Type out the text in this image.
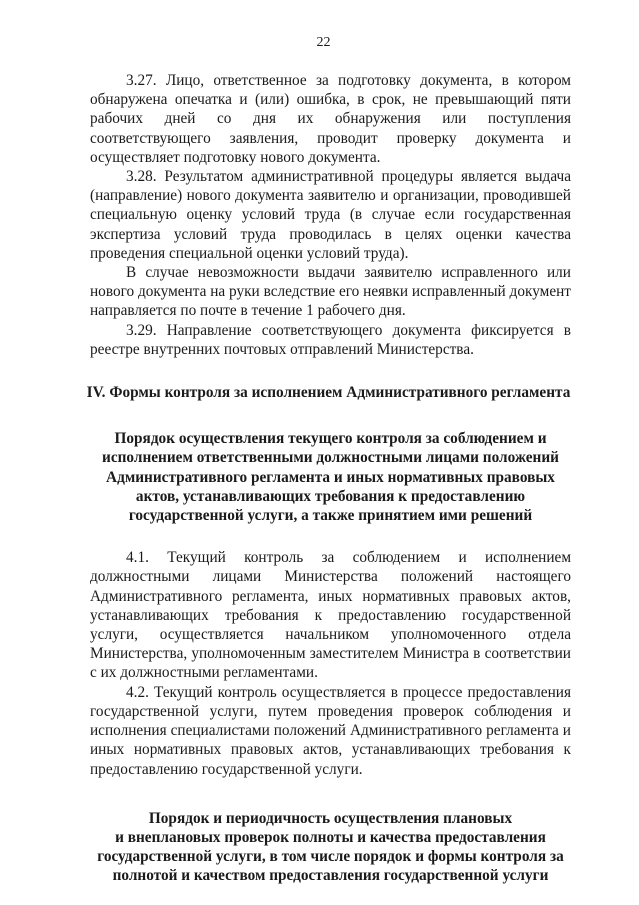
22

3.27. Лицо, ответственное за подготовку документа, в котором обнаружена опечатка и (или) ошибка, в срок, не превышающий пяти рабочих дней со дня их обнаружения или поступления соответствующего заявления, проводит проверку документа и осуществляет подготовку нового документа.

3.28. Результатом административной процедуры является выдача (направление) нового документа заявителю и организации, проводившей специальную оценку условий труда (в случае если государственная экспертиза условий труда проводилась в целях оценки качества проведения специальной оценки условий труда).

В случае невозможности выдачи заявителю исправленного или нового документа на руки вследствие его неявки исправленный документ направляется по почте в течение 1 рабочего дня.

3.29. Направление соответствующего документа фиксируется в реестре внутренних почтовых отправлений Министерства.

IV. Формы контроля за исполнением Административного регламента
Порядок осуществления текущего контроля за соблюдением и
исполнением ответственными должностными лицами положений
Административного регламента и иных нормативных правовых
актов, устанавливающих требования к предоставлению
государственной услуги, а также принятием ими решений

4.1. Текущий контроль за соблюдением и исполнением должностными лицами Министерства положений настоящего Административного регламента, иных нормативных правовых актов, устанавливающих требования к предоставлению государственной услуги, осуществляется начальником уполномоченного отдела Министерства, уполномоченным заместителем Министра в соответствии с их должностными регламентами.

4.2. Текущий контроль осуществляется в процессе предоставления государственной услуги, путем проведения проверок соблюдения и исполнения специалистами положений Административного регламента и иных нормативных правовых актов, устанавливающих требования к предоставлению государственной услуги.

Порядок и периодичность осуществления плановых
и внеплановых проверок полноты и качества предоставления
государственной услуги, в том числе порядок и формы контроля за
полнотой и качеством предоставления государственной услуги
